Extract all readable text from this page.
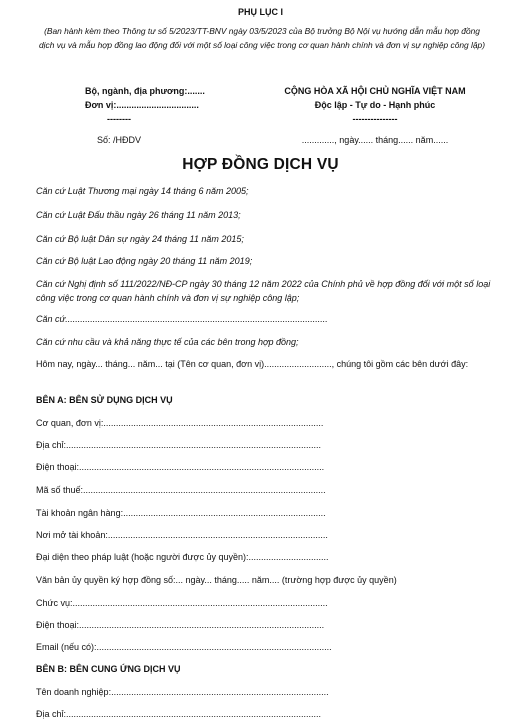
PHỤ LỤC I
(Ban hành kèm theo Thông tư số 5/2023/TT-BNV ngày 03/5/2023 của Bộ trưởng Bộ Nội vụ hướng dẫn mẫu hợp đồng dịch vụ và mẫu hợp đồng lao động đối với một số loại công việc trong cơ quan hành chính và đơn vị sự nghiệp công lập)
Bộ, ngành, địa phương:.......
Đơn vị:.................................
--------
Số: /HĐDV
CỘNG HÒA XÃ HỘI CHỦ NGHĨA VIỆT NAM
Độc lập - Tự do - Hạnh phúc
---------------
............., ngày...... tháng...... năm......
HỢP ĐỒNG DỊCH VỤ
Căn cứ Luật Thương mại ngày 14 tháng 6 năm 2005;
Căn cứ Luật Đấu thầu ngày 26 tháng 11 năm 2013;
Căn cứ Bộ luật Dân sự ngày 24 tháng 11 năm 2015;
Căn cứ Bộ luật Lao động ngày 20 tháng 11 năm 2019;
Căn cứ Nghị định số 111/2022/NĐ-CP ngày 30 tháng 12 năm 2022 của Chính phủ về hợp đồng đối với một số loại công việc trong cơ quan hành chính và đơn vị sự nghiệp công lập;
Căn cứ.........................................................................................................
Căn cứ nhu cầu và khả năng thực tế của các bên trong hợp đồng;
Hôm nay, ngày... tháng... năm... tại (Tên cơ quan, đơn vị)..........................., chúng tôi gồm các bên dưới đây:
BÊN A: BÊN SỬ DỤNG DỊCH VỤ
Cơ quan, đơn vị:........................................................................................
Địa chỉ:......................................................................................................
Điện thoại:..................................................................................................
Mã số thuế:.................................................................................................
Tài khoản ngân hàng:.................................................................................
Nơi mở tài khoản:........................................................................................
Đại diện theo pháp luật (hoặc người được ủy quyền):................................
Văn bản ủy quyền ký hợp đồng số:... ngày... tháng..... năm.... (trường hợp được ủy quyền)
Chức vụ:......................................................................................................
Điện thoại:..................................................................................................
Email (nếu có):..............................................................................................
BÊN B: BÊN CUNG ỨNG DỊCH VỤ
Tên doanh nghiệp:.......................................................................................
Địa chỉ:......................................................................................................
